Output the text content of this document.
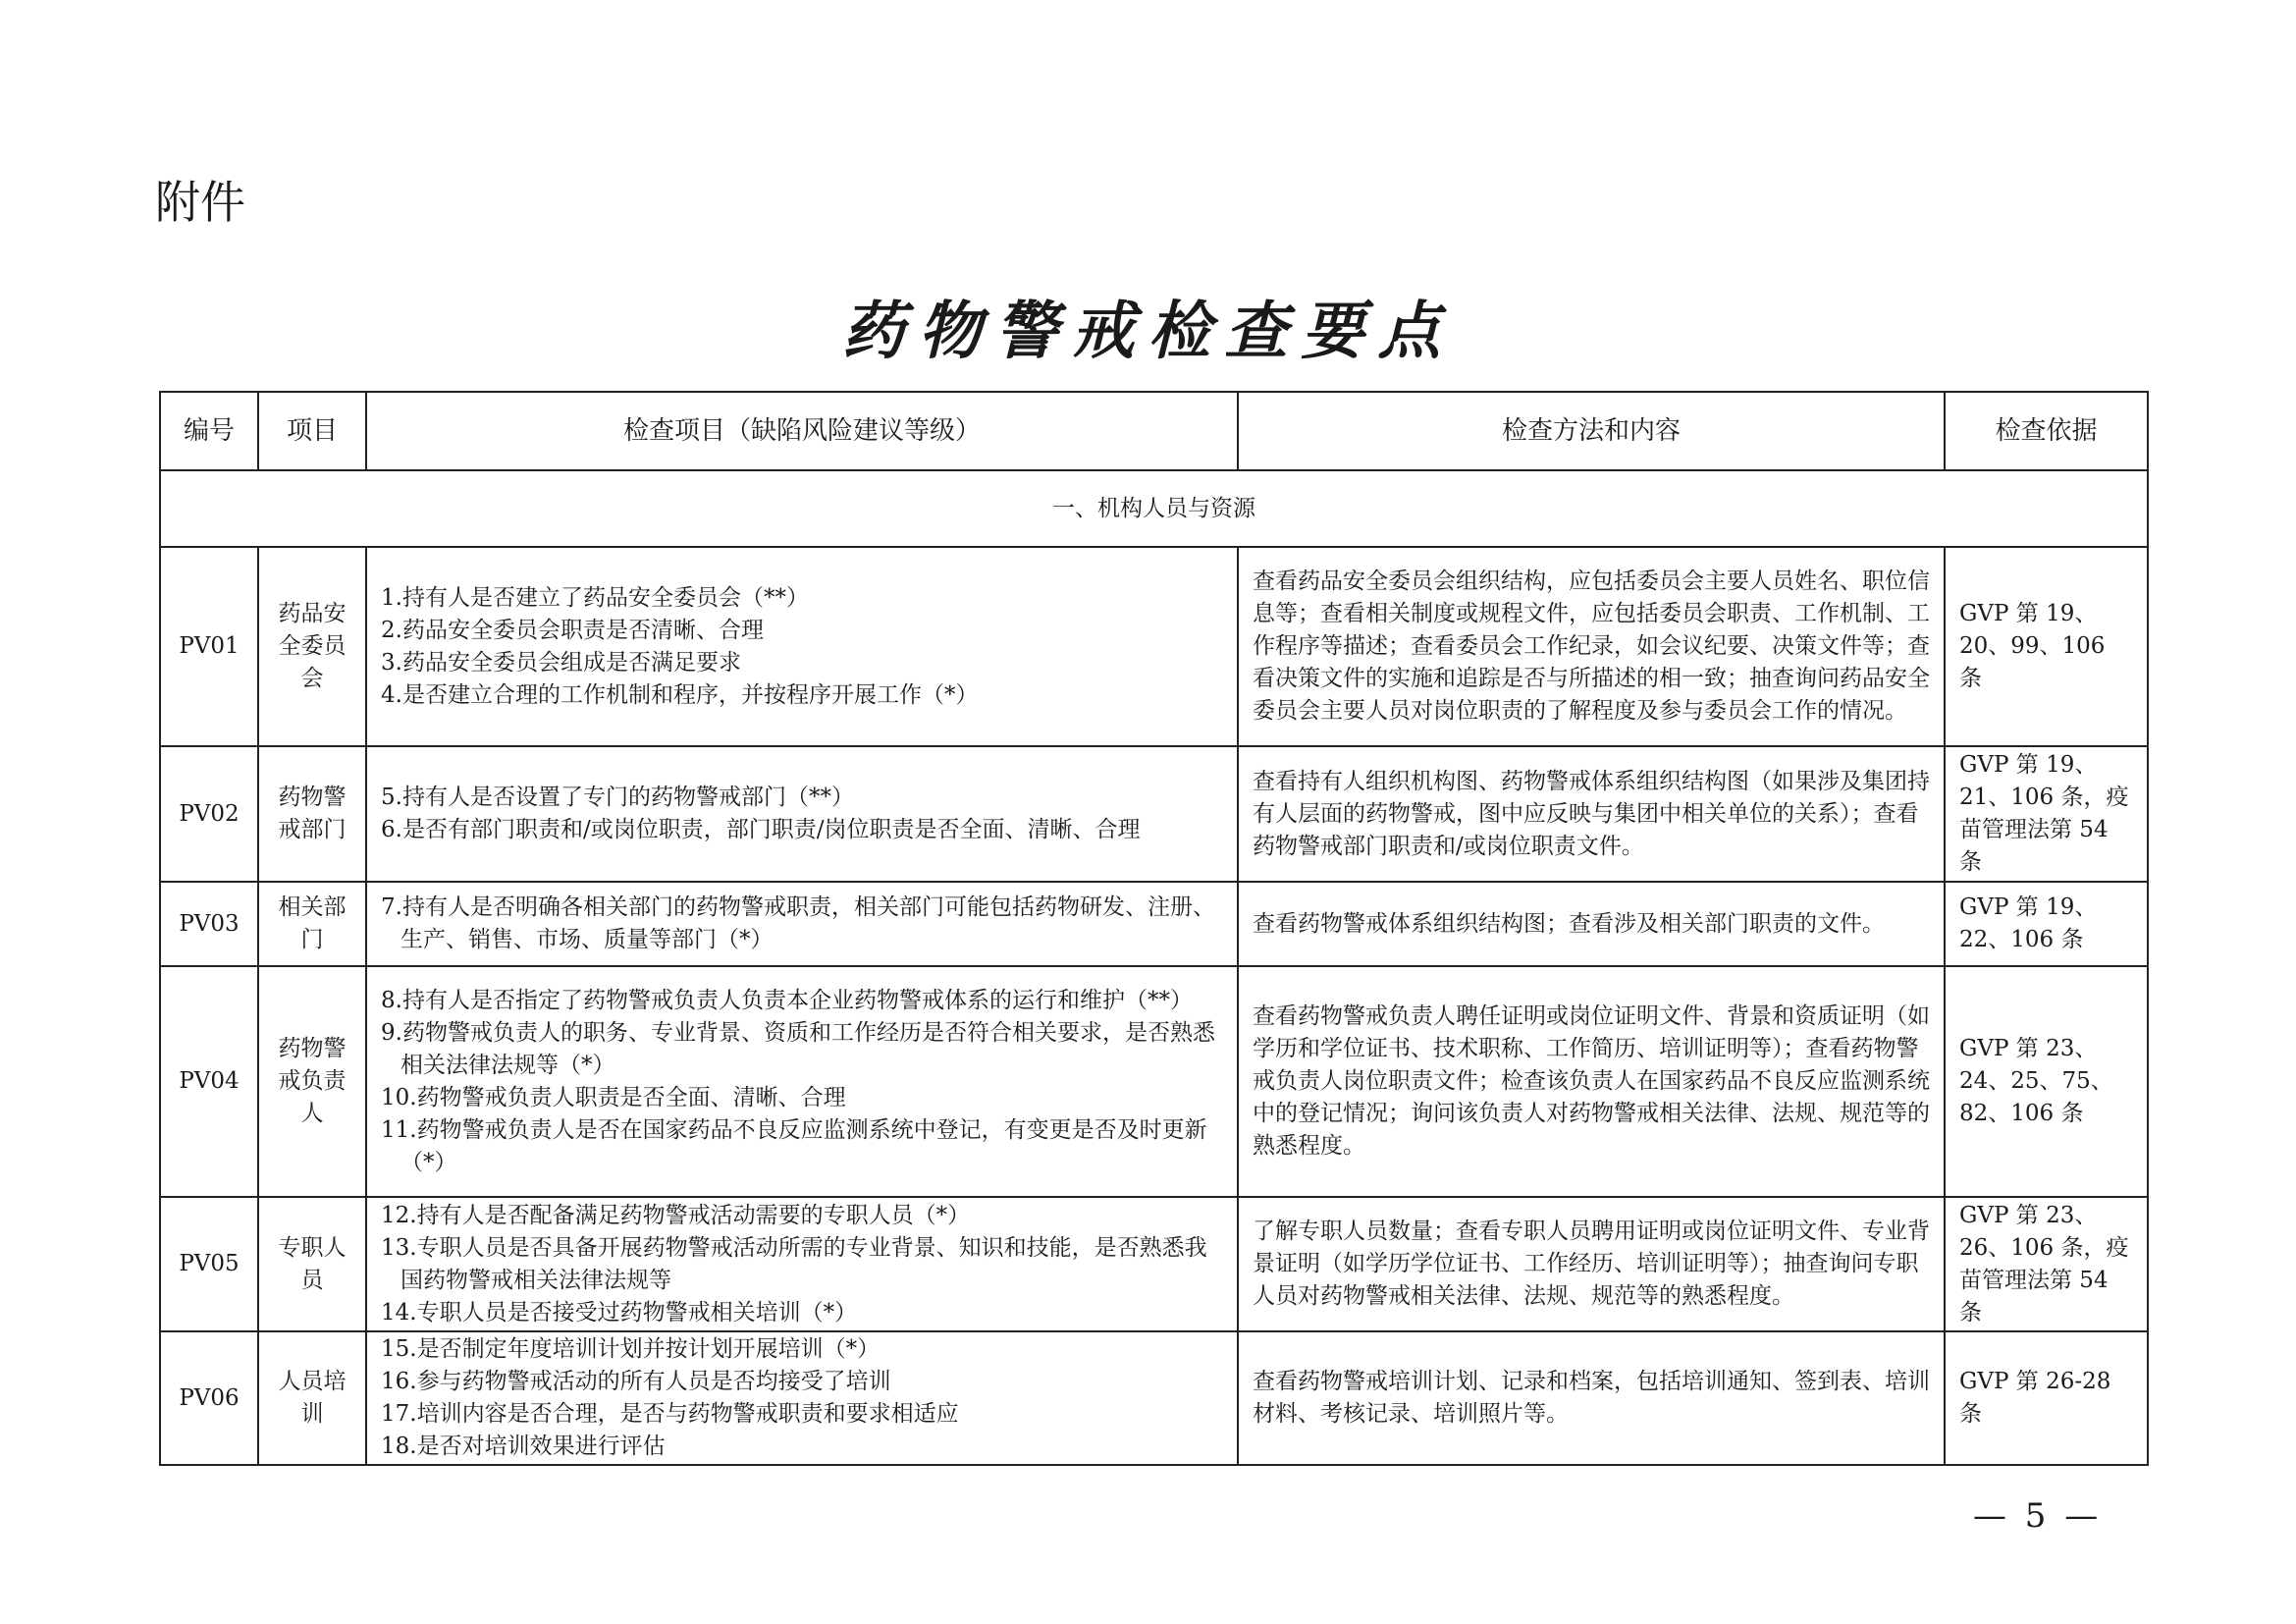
附件
药物警戒检查要点
编号	项目	检查项目（缺陷风险建议等级）	检查方法和内容	检查依据
一、机构人员与资源				
PV01	药品安全委员会	1.持有人是否建立了药品安全委员会（**）
2.药品安全委员会职责是否清晰、合理
3.药品安全委员会组成是否满足要求
4.是否建立合理的工作机制和程序，并按程序开展工作（*）	查看药品安全委员会组织结构，应包括委员会主要人员姓名、职位信息等；查看相关制度或规程文件，应包括委员会职责、工作机制、工作程序等描述；查看委员会工作纪录，如会议纪要、决策文件等；查看决策文件的实施和追踪是否与所描述的相一致；抽查询问药品安全委员会主要人员对岗位职责的了解程度及参与委员会工作的情况。	GVP 第 19、20、99、106 条
PV02	药物警戒部门	5.持有人是否设置了专门的药物警戒部门（**）
6.是否有部门职责和/或岗位职责，部门职责/岗位职责是否全面、清晰、合理	查看持有人组织机构图、药物警戒体系组织结构图（如果涉及集团持有人层面的药物警戒，图中应反映与集团中相关单位的关系）；查看药物警戒部门职责和/或岗位职责文件。	GVP 第 19、21、106 条，疫苗管理法第 54 条
PV03	相关部门	7.持有人是否明确各相关部门的药物警戒职责，相关部门可能包括药物研发、注册、生产、销售、市场、质量等部门（*）	查看药物警戒体系组织结构图；查看涉及相关部门职责的文件。	GVP 第 19、22、106 条
PV04	药物警戒负责人	8.持有人是否指定了药物警戒负责人负责本企业药物警戒体系的运行和维护（**）
9.药物警戒负责人的职务、专业背景、资质和工作经历是否符合相关要求，是否熟悉相关法律法规等（*）
10.药物警戒负责人职责是否全面、清晰、合理
11.药物警戒负责人是否在国家药品不良反应监测系统中登记，有变更是否及时更新（*）	查看药物警戒负责人聘任证明或岗位证明文件、背景和资质证明（如学历和学位证书、技术职称、工作简历、培训证明等）；查看药物警戒负责人岗位职责文件；检查该负责人在国家药品不良反应监测系统中的登记情况；询问该负责人对药物警戒相关法律、法规、规范等的熟悉程度。	GVP 第 23、24、25、75、82、106 条
PV05	专职人员	12.持有人是否配备满足药物警戒活动需要的专职人员（*）
13.专职人员是否具备开展药物警戒活动所需的专业背景、知识和技能，是否熟悉我国药物警戒相关法律法规等
14.专职人员是否接受过药物警戒相关培训（*）	了解专职人员数量；查看专职人员聘用证明或岗位证明文件、专业背景证明（如学历学位证书、工作经历、培训证明等）；抽查询问专职人员对药物警戒相关法律、法规、规范等的熟悉程度。	GVP 第 23、26、106 条，疫苗管理法第 54 条
PV06	人员培训	15.是否制定年度培训计划并按计划开展培训（*）
16.参与药物警戒活动的所有人员是否均接受了培训
17.培训内容是否合理，是否与药物警戒职责和要求相适应
18.是否对培训效果进行评估	查看药物警戒培训计划、记录和档案，包括培训通知、签到表、培训材料、考核记录、培训照片等。	GVP 第 26-28 条
— 5 —
